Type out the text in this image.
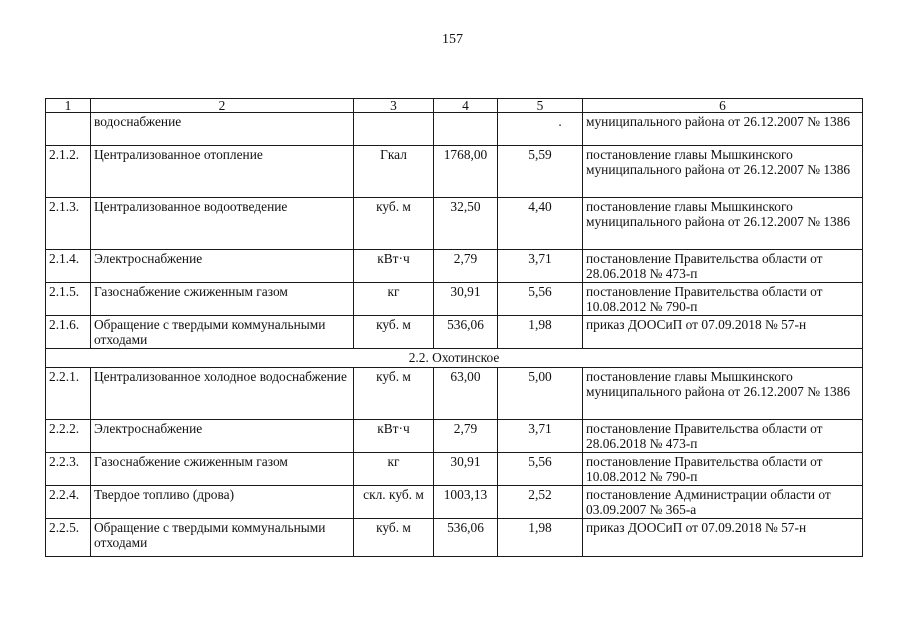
157
1	2	3	4	5	6
	водоснабжение			.	муниципального района от 26.12.2007 № 1386
2.1.2.	Централизованное отопление	Гкал	1768,00	5,59	постановление главы Мышкинского муниципального района от 26.12.2007 № 1386
2.1.3.	Централизованное водоотведение	куб. м	32,50	4,40	постановление главы Мышкинского муниципального района от 26.12.2007 № 1386
2.1.4.	Электроснабжение	кВт·ч	2,79	3,71	постановление Правительства области от 28.06.2018 № 473-п
2.1.5.	Газоснабжение сжиженным газом	кг	30,91	5,56	постановление Правительства области от 10.08.2012 № 790-п
2.1.6.	Обращение с твердыми коммунальными отходами	куб. м	536,06	1,98	приказ ДООСиП от 07.09.2018 № 57-н
2.2. Охотинское					
2.2.1.	Централизованное холодное водоснабжение	куб. м	63,00	5,00	постановление главы Мышкинского муниципального района от 26.12.2007 № 1386
2.2.2.	Электроснабжение	кВт·ч	2,79	3,71	постановление Правительства области от 28.06.2018 № 473-п
2.2.3.	Газоснабжение сжиженным газом	кг	30,91	5,56	постановление Правительства области от 10.08.2012 № 790-п
2.2.4.	Твердое топливо (дрова)	скл. куб. м	1003,13	2,52	постановление Администрации области от 03.09.2007 № 365-а
2.2.5.	Обращение с твердыми коммунальными отходами	куб. м	536,06	1,98	приказ ДООСиП от 07.09.2018 № 57-н
